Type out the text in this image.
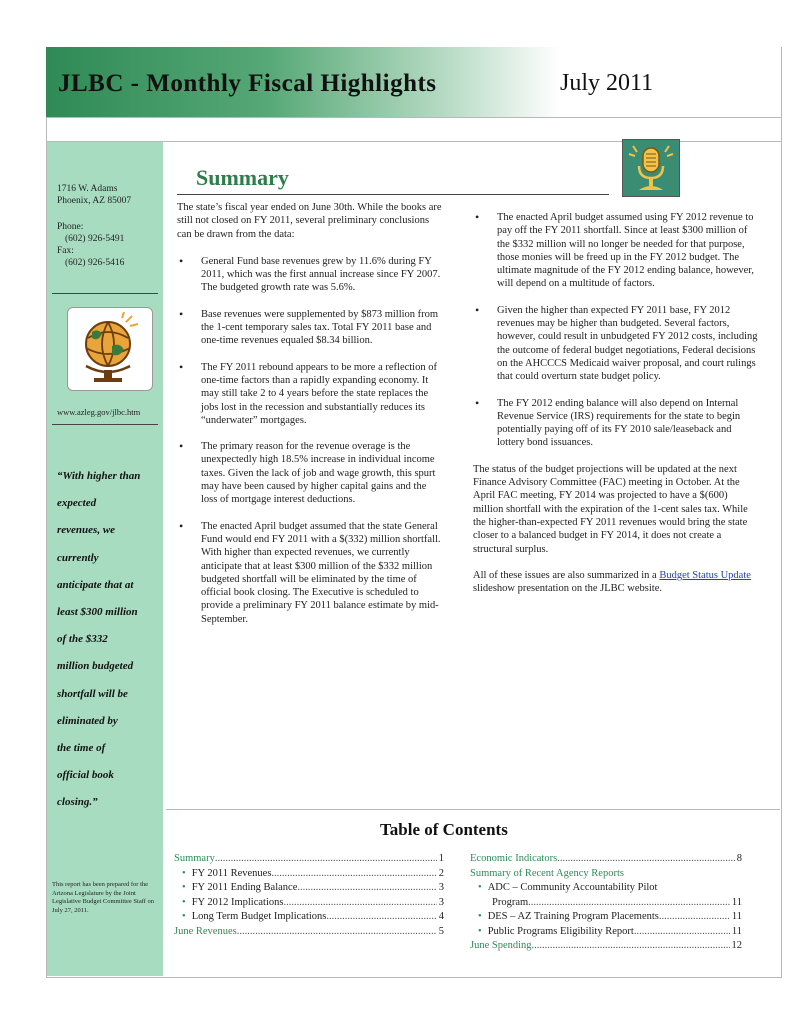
JLBC - Monthly Fiscal Highlights	July 2011
1716 W. Adams
Phoenix, AZ 85007
Phone:
(602) 926-5491
Fax:
(602) 926-5416
www.azleg.gov/jlbc.htm
“With higher than
expected
revenues, we
currently
anticipate that at
least $300 million
of the $332
million budgeted
shortfall will be
eliminated by
the time of
official book
closing.”
This report has been prepared for the Arizona Legislature by the Joint Legislative Budget Committee Staff on July 27, 2011.
Summary

The state’s fiscal year ended on June 30th. While the books are still not closed on FY 2011, several preliminary conclusions can be drawn from the data:

• General Fund base revenues grew by 11.6% during FY 2011, which was the first annual increase since FY 2007. The budgeted growth rate was 5.6%.
• Base revenues were supplemented by $873 million from the 1-cent temporary sales tax. Total FY 2011 base and one-time revenues equaled $8.34 billion.
• The FY 2011 rebound appears to be more a reflection of one-time factors than a rapidly expanding economy. It may still take 2 to 4 years before the state replaces the jobs lost in the recession and substantially reduces its “underwater” mortgages.
• The primary reason for the revenue overage is the unexpectedly high 18.5% increase in individual income taxes. Given the lack of job and wage growth, this spurt may have been caused by higher capital gains and the loss of mortgage interest deductions.
• The enacted April budget assumed that the state General Fund would end FY 2011 with a $(332) million shortfall. With higher than expected revenues, we currently anticipate that at least $300 million of the $332 million budgeted shortfall will be eliminated by the time of official book closing. The Executive is scheduled to provide a preliminary FY 2011 balance estimate by mid-September.
• The enacted April budget assumed using FY 2012 revenue to pay off the FY 2011 shortfall. Since at least $300 million of the $332 million will no longer be needed for that purpose, those monies will be freed up in the FY 2012 budget. The ultimate magnitude of the FY 2012 ending balance, however, will depend on a multitude of factors.
• Given the higher than expected FY 2011 base, FY 2012 revenues may be higher than budgeted. Several factors, however, could result in unbudgeted FY 2012 costs, including the outcome of federal budget negotiations, Federal decisions on the AHCCCS Medicaid waiver proposal, and court rulings that could overturn state budget policy.
• The FY 2012 ending balance will also depend on Internal Revenue Service (IRS) requirements for the state to begin potentially paying off of its FY 2010 sale/leaseback and lottery bond issuances.

The status of the budget projections will be updated at the next Finance Advisory Committee (FAC) meeting in October. At the April FAC meeting, FY 2014 was projected to have a $(600) million shortfall with the expiration of the 1-cent sales tax. While the higher-than-expected FY 2011 revenues would bring the state closer to a balanced budget in FY 2014, it does not create a structural surplus.

All of these issues are also summarized in a Budget Status Update slideshow presentation on the JLBC website.

Table of Contents
Summary .....	1
• FY 2011 Revenues .....	2
• FY 2011 Ending Balance .....	3
• FY 2012 Implications .....	3
• Long Term Budget Implications .....	4
June Revenues .....	5
Economic Indicators .....	8
Summary of Recent Agency Reports
• ADC – Community Accountability Pilot
Program .....	11
• DES – AZ Training Program Placements .....	11
• Public Programs Eligibility Report .....	11
June Spending .....	12
